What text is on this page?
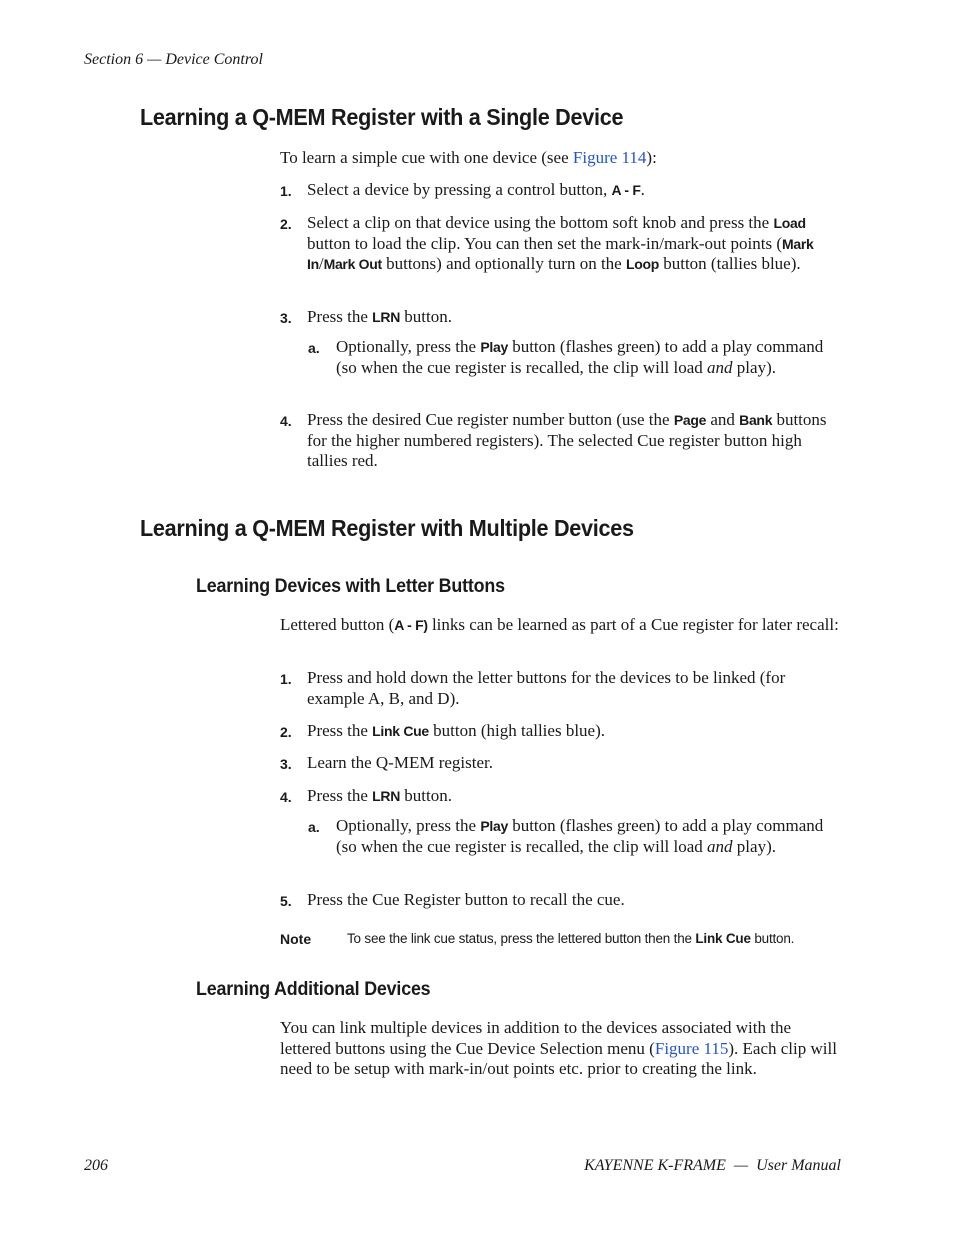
Section 6 — Device Control
Learning a Q-MEM Register with a Single Device
To learn a simple cue with one device (see Figure 114):
1. Select a device by pressing a control button, A - F.
2. Select a clip on that device using the bottom soft knob and press the Load button to load the clip. You can then set the mark-in/mark-out points (Mark In/Mark Out buttons) and optionally turn on the Loop button (tallies blue).
3. Press the LRN button.
a. Optionally, press the Play button (flashes green) to add a play command (so when the cue register is recalled, the clip will load and play).
4. Press the desired Cue register number button (use the Page and Bank buttons for the higher numbered registers). The selected Cue register button high tallies red.
Learning a Q-MEM Register with Multiple Devices
Learning Devices with Letter Buttons
Lettered button (A - F) links can be learned as part of a Cue register for later recall:
1. Press and hold down the letter buttons for the devices to be linked (for example A, B, and D).
2. Press the Link Cue button (high tallies blue).
3. Learn the Q-MEM register.
4. Press the LRN button.
a. Optionally, press the Play button (flashes green) to add a play command (so when the cue register is recalled, the clip will load and play).
5. Press the Cue Register button to recall the cue.
Note	To see the link cue status, press the lettered button then the Link Cue button.
Learning Additional Devices
You can link multiple devices in addition to the devices associated with the lettered buttons using the Cue Device Selection menu (Figure 115). Each clip will need to be setup with mark-in/out points etc. prior to creating the link.
206	KAYENNE K-FRAME  —  User Manual
